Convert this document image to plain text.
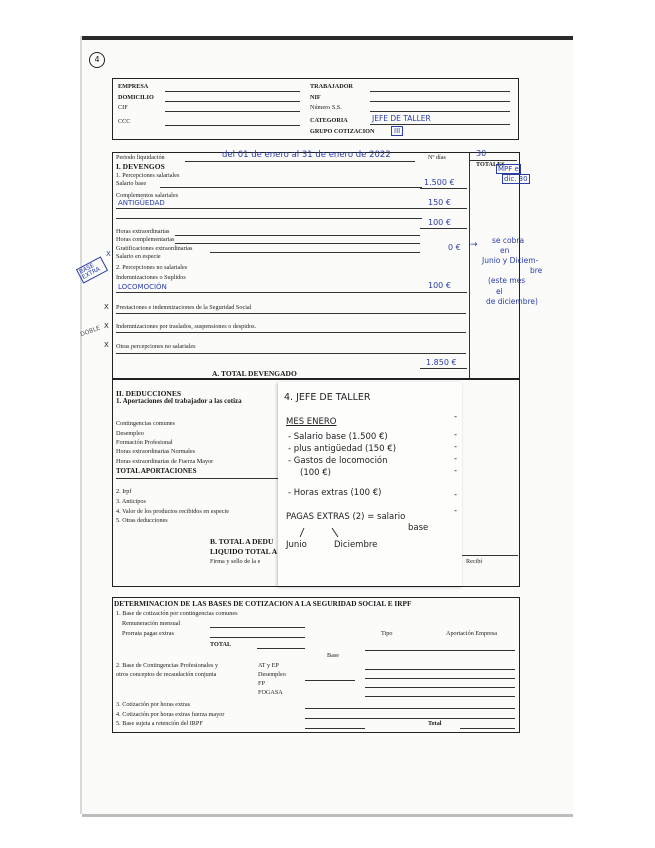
4
EMPRESA
DOMICILIO
CIF
CCC
TRABAJADOR
NIF
Número S.S.
CATEGORIA	JEFE DE TALLER
GRUPO COTIZACION	III
Periodo liquidación	del 01 de enero al 31 de enero de 2022	Nº días	30
TOTALES
I. DEVENGOS
1. Percepciones salariales
Salario base	1.500 €
Complementos salariales
ANTIGÜEDAD	150 €
100 €
Horas extraordinarias
Horas complementarias
Gratificaciones extraordinarias	0 €
Salario en especie
2. Percepciones no salariales
Indemnizaciones o Suplidos
LOCOMOCIÓN	100 €
Prestaciones e indemnizaciones de la Seguridad Social
Indemnizaciones por traslados, suspensiones o despidos.
Otras percepciones no salariales
1.850 €
A. TOTAL DEVENGADO
II. DEDUCCIONES
1. Aportaciones del trabajador a las cotiza
Contingencias comunes
Desempleo
Formación Profesional
Horas extraordinarias Normales
Horas extraordinarias de Fuerza Mayor
TOTAL APORTACIONES
2. Irpf
3. Anticipos
4. Valor de los productos recibidos en especie
5. Otras deducciones
B. TOTAL A DEDU
LIQUIDO TOTAL A
Firma y sello de la e	Recibí
DETERMINACION DE LAS BASES DE COTIZACION A LA SEGURIDAD SOCIAL E IRPF
1. Base de cotización por contingencias comunes
Remuneración mensual
Prorrata pagas extras
TOTAL
Base
Tipo	Aportación Empresa
2. Base de Contingencias Profesionales y
otros conceptos de recaudación conjunta
AT y EP
Desempleo
FP
FOGASA
3. Cotización por horas extras
4. Cotización por horas extras fuerza mayor
5. Base sujeta a retención del IRPF	Total
BASE EXTRA
DOBLE
X
X
X
X
MPF e
dic. 30
→ se cobra
en
Junio y Diciem-
bre
(este mes
el
de diciembre)
4. JEFE DE TALLER
MES ENERO
- Salario base (1.500 €)
- plus antigüedad (150 €)
- Gastos de locomoción
(100 €)
- Horas extras (100 €)
PAGAS EXTRAS (2) = salario
base
Junio	Diciembre
-
-
-
-
-
-
-
